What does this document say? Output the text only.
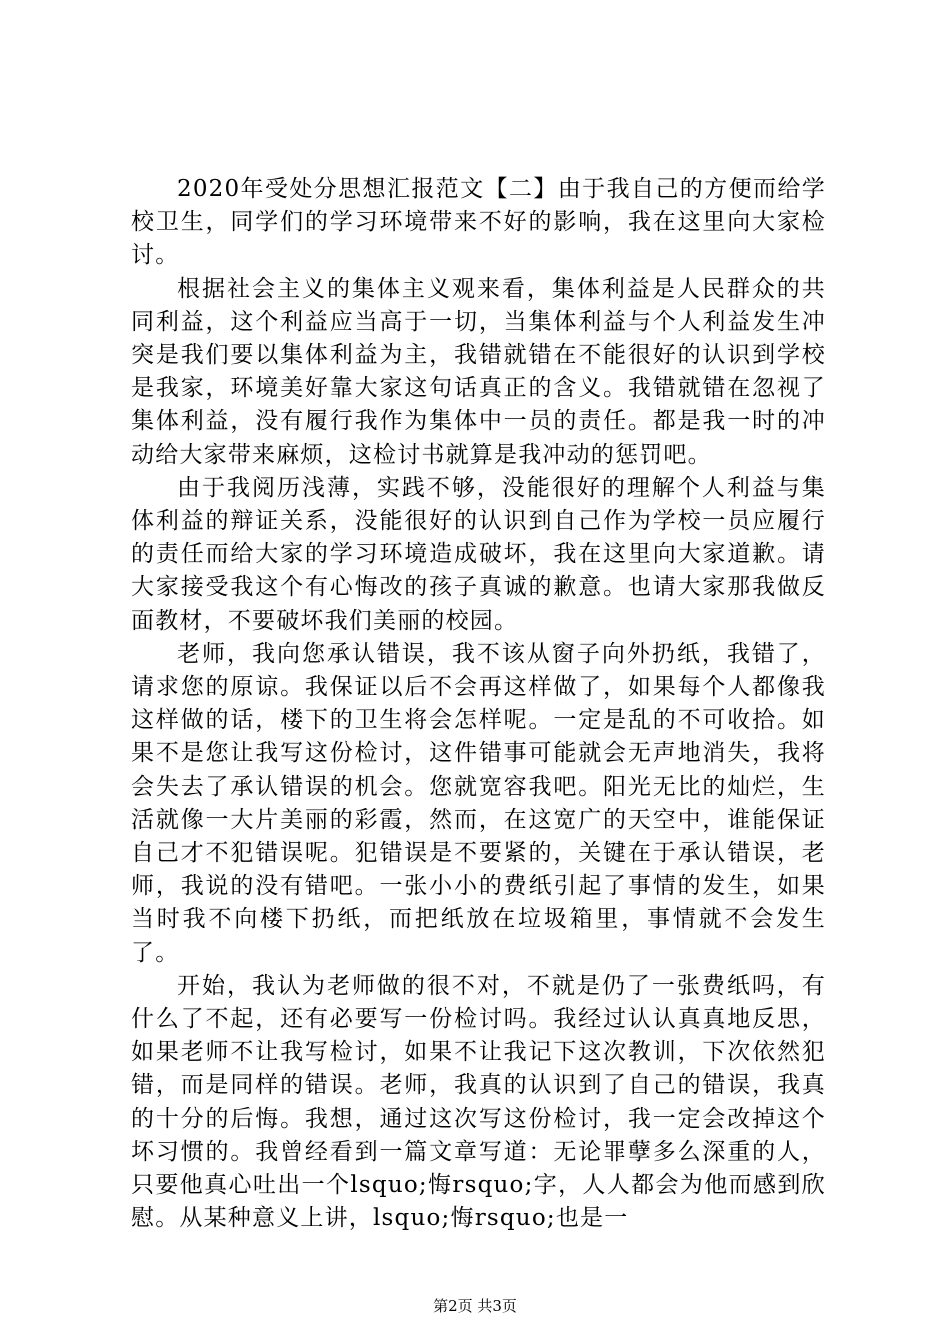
2020年受处分思想汇报范文【二】由于我自己的方便而给学校卫生，同学们的学习环境带来不好的影响，我在这里向大家检讨。

根据社会主义的集体主义观来看，集体利益是人民群众的共同利益，这个利益应当高于一切，当集体利益与个人利益发生冲突是我们要以集体利益为主，我错就错在不能很好的认识到学校是我家，环境美好靠大家这句话真正的含义。我错就错在忽视了集体利益，没有履行我作为集体中一员的责任。都是我一时的冲动给大家带来麻烦，这检讨书就算是我冲动的惩罚吧。

由于我阅历浅薄，实践不够，没能很好的理解个人利益与集体利益的辩证关系，没能很好的认识到自己作为学校一员应履行的责任而给大家的学习环境造成破坏，我在这里向大家道歉。请大家接受我这个有心悔改的孩子真诚的歉意。也请大家那我做反面教材，不要破坏我们美丽的校园。

老师，我向您承认错误，我不该从窗子向外扔纸，我错了，请求您的原谅。我保证以后不会再这样做了，如果每个人都像我这样做的话，楼下的卫生将会怎样呢。一定是乱的不可收拾。如果不是您让我写这份检讨，这件错事可能就会无声地消失，我将会失去了承认错误的机会。您就宽容我吧。阳光无比的灿烂，生活就像一大片美丽的彩霞，然而，在这宽广的天空中，谁能保证自己才不犯错误呢。犯错误是不要紧的，关键在于承认错误，老师，我说的没有错吧。一张小小的费纸引起了事情的发生，如果当时我不向楼下扔纸，而把纸放在垃圾箱里，事情就不会发生了。

开始，我认为老师做的很不对，不就是仍了一张费纸吗，有什么了不起，还有必要写一份检讨吗。我经过认认真真地反思，如果老师不让我写检讨，如果不让我记下这次教训，下次依然犯错，而是同样的错误。老师，我真的认识到了自己的错误，我真的十分的后悔。我想，通过这次写这份检讨，我一定会改掉这个坏习惯的。我曾经看到一篇文章写道：无论罪孽多么深重的人，只要他真心吐出一个lsquo;悔rsquo;字，人人都会为他而感到欣慰。从某种意义上讲，lsquo;悔rsquo;也是一

第2页 共3页
